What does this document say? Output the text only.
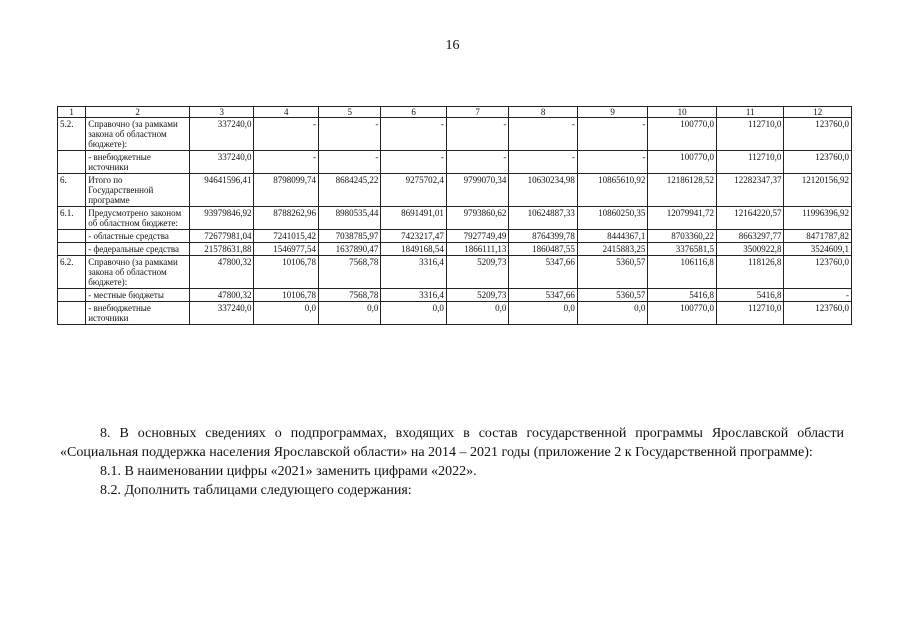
16
1	2	3	4	5	6	7	8	9	10	11	12
5.2.	Справочно (за рамками закона об областном бюджете):	337240,0	-	-	-	-	-	-	100770,0	112710,0	123760,0
	- внебюджетные источники	337240,0	-	-	-	-	-	-	100770,0	112710,0	123760,0
6.	Итого по Государственной программе	94641596,41	8798099,74	8684245,22	9275702,4	9799070,34	10630234,98	10865610,92	12186128,52	12282347,37	12120156,92
6.1.	Предусмотрено законом об областном бюджете:	93979846,92	8788262,96	8980535,44	8691491,01	9793860,62	10624887,33	10860250,35	12079941,72	12164220,57	11996396,92
	- областные средства	72677981,04	7241015,42	7038785,97	7423217,47	7927749,49	8764399,78	8444367,1	8703360,22	8663297,77	8471787,82
	- федеральные средства	21578631,88	1546977,54	1637890,47	1849168,54	1866111,13	1860487,55	2415883,25	3376581,5	3500922,8	3524609,1
6.2.	Справочно (за рамками закона об областном бюджете):	47800,32	10106,78	7568,78	3316,4	5209,73	5347,66	5360,57	106116,8	118126,8	123760,0
	- местные бюджеты	47800,32	10106,78	7568,78	3316,4	5209,73	5347,66	5360,57	5416,8	5416,8	-
	- внебюджетные источники	337240,0	0,0	0,0	0,0	0,0	0,0	0,0	100770,0	112710,0	123760,0

8. В основных сведениях о подпрограммах, входящих в состав государственной программы Ярославской области «Социальная поддержка населения Ярославской области» на 2014 – 2021 годы (приложение 2 к Государственной программе):

8.1. В наименовании цифры «2021» заменить цифрами «2022».

8.2. Дополнить таблицами следующего содержания:
